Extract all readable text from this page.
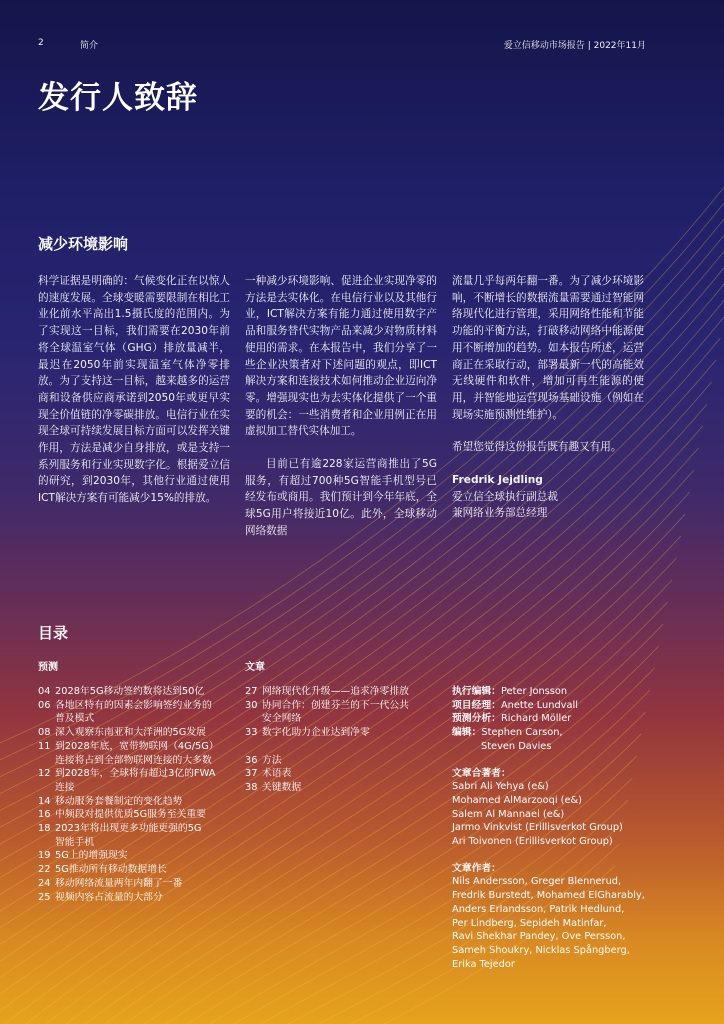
2	简介	爱立信移动市场报告 | 2022年11月
发行人致辞
减少环境影响

科学证据是明确的：气候变化正在以惊人的速度发展。全球变暖需要限制在相比工业化前水平高出1.5摄氏度的范围内。为了实现这一目标，我们需要在2030年前将全球温室气体（GHG）排放量减半，最迟在2050年前实现温室气体净零排放。为了支持这一目标，越来越多的运营商和设备供应商承诺到2050年或更早实现全价值链的净零碳排放。电信行业在实现全球可持续发展目标方面可以发挥关键作用，方法是减少自身排放，或是支持一系列服务和行业实现数字化。根据爱立信的研究，到2030年，其他行业通过使用ICT解决方案有可能减少15%的排放。

一种减少环境影响、促进企业实现净零的方法是去实体化。在电信行业以及其他行业，ICT解决方案有能力通过使用数字产品和服务替代实物产品来减少对物质材料使用的需求。在本报告中，我们分享了一些企业决策者对下述问题的观点，即ICT解决方案和连接技术如何推动企业迈向净零。增强现实也为去实体化提供了一个重要的机会：一些消费者和企业用例正在用虚拟加工替代实体加工。

目前已有逾228家运营商推出了5G服务，有超过700种5G智能手机型号已经发布或商用。我们预计到今年年底，全球5G用户将接近10亿。此外，全球移动网络数据

流量几乎每两年翻一番。为了减少环境影响，不断增长的数据流量需要通过智能网络现代化进行管理，采用网络性能和节能功能的平衡方法，打破移动网络中能源使用不断增加的趋势。如本报告所述，运营商正在采取行动，部署最新一代的高能效无线硬件和软件，增加可再生能源的使用，并智能地运营现场基础设施（例如在现场实施预测性维护）。

希望您觉得这份报告既有趣又有用。

Fredrik Jejdling
爱立信全球执行副总裁
兼网络业务部总经理
目录
预测	文章
04 2028年5G移动签约数将达到50亿
06 各地区特有的因素会影响签约业务的
普及模式
08 深入观察东南亚和大洋洲的5G发展
11 到2028年底，宽带物联网（4G/5G）
连接将占到全部物联网连接的大多数
12 到2028年，全球将有超过3亿的FWA
连接
14 移动服务套餐制定的变化趋势
16 中频段对提供优质5G服务至关重要
18 2023年将出现更多功能更强的5G
智能手机
19 5G上的增强现实
22 5G推动所有移动数据增长
24 移动网络流量两年内翻了一番
25 视频内容占流量的大部分
27 网络现代化升级——追求净零排放
30 协同合作：创建芬兰的下一代公共
安全网络
33 数字化助力企业达到净零
36 方法
37 术语表
38 关键数据
执行编辑： Peter Jonsson
项目经理： Anette Lundvall
预测分析： Richard Möller
编辑： Stephen Carson,
Steven Davies
文章合著者：
Sabri Ali Yehya (e&)
Mohamed AlMarzooqi (e&)
Salem Al Mannaei (e&)
Jarmo Vinkvist (Erillisverkot Group)
Ari Toivonen (Erillisverkot Group)
文章作者：
Nils Andersson, Greger Blennerud,
Fredrik Burstedt, Mohamed ElGharably,
Anders Erlandsson, Patrik Hedlund,
Per Lindberg, Sepideh Matinfar,
Ravi Shekhar Pandey, Ove Persson,
Sameh Shoukry, Nicklas Spångberg,
Erika Tejedor
